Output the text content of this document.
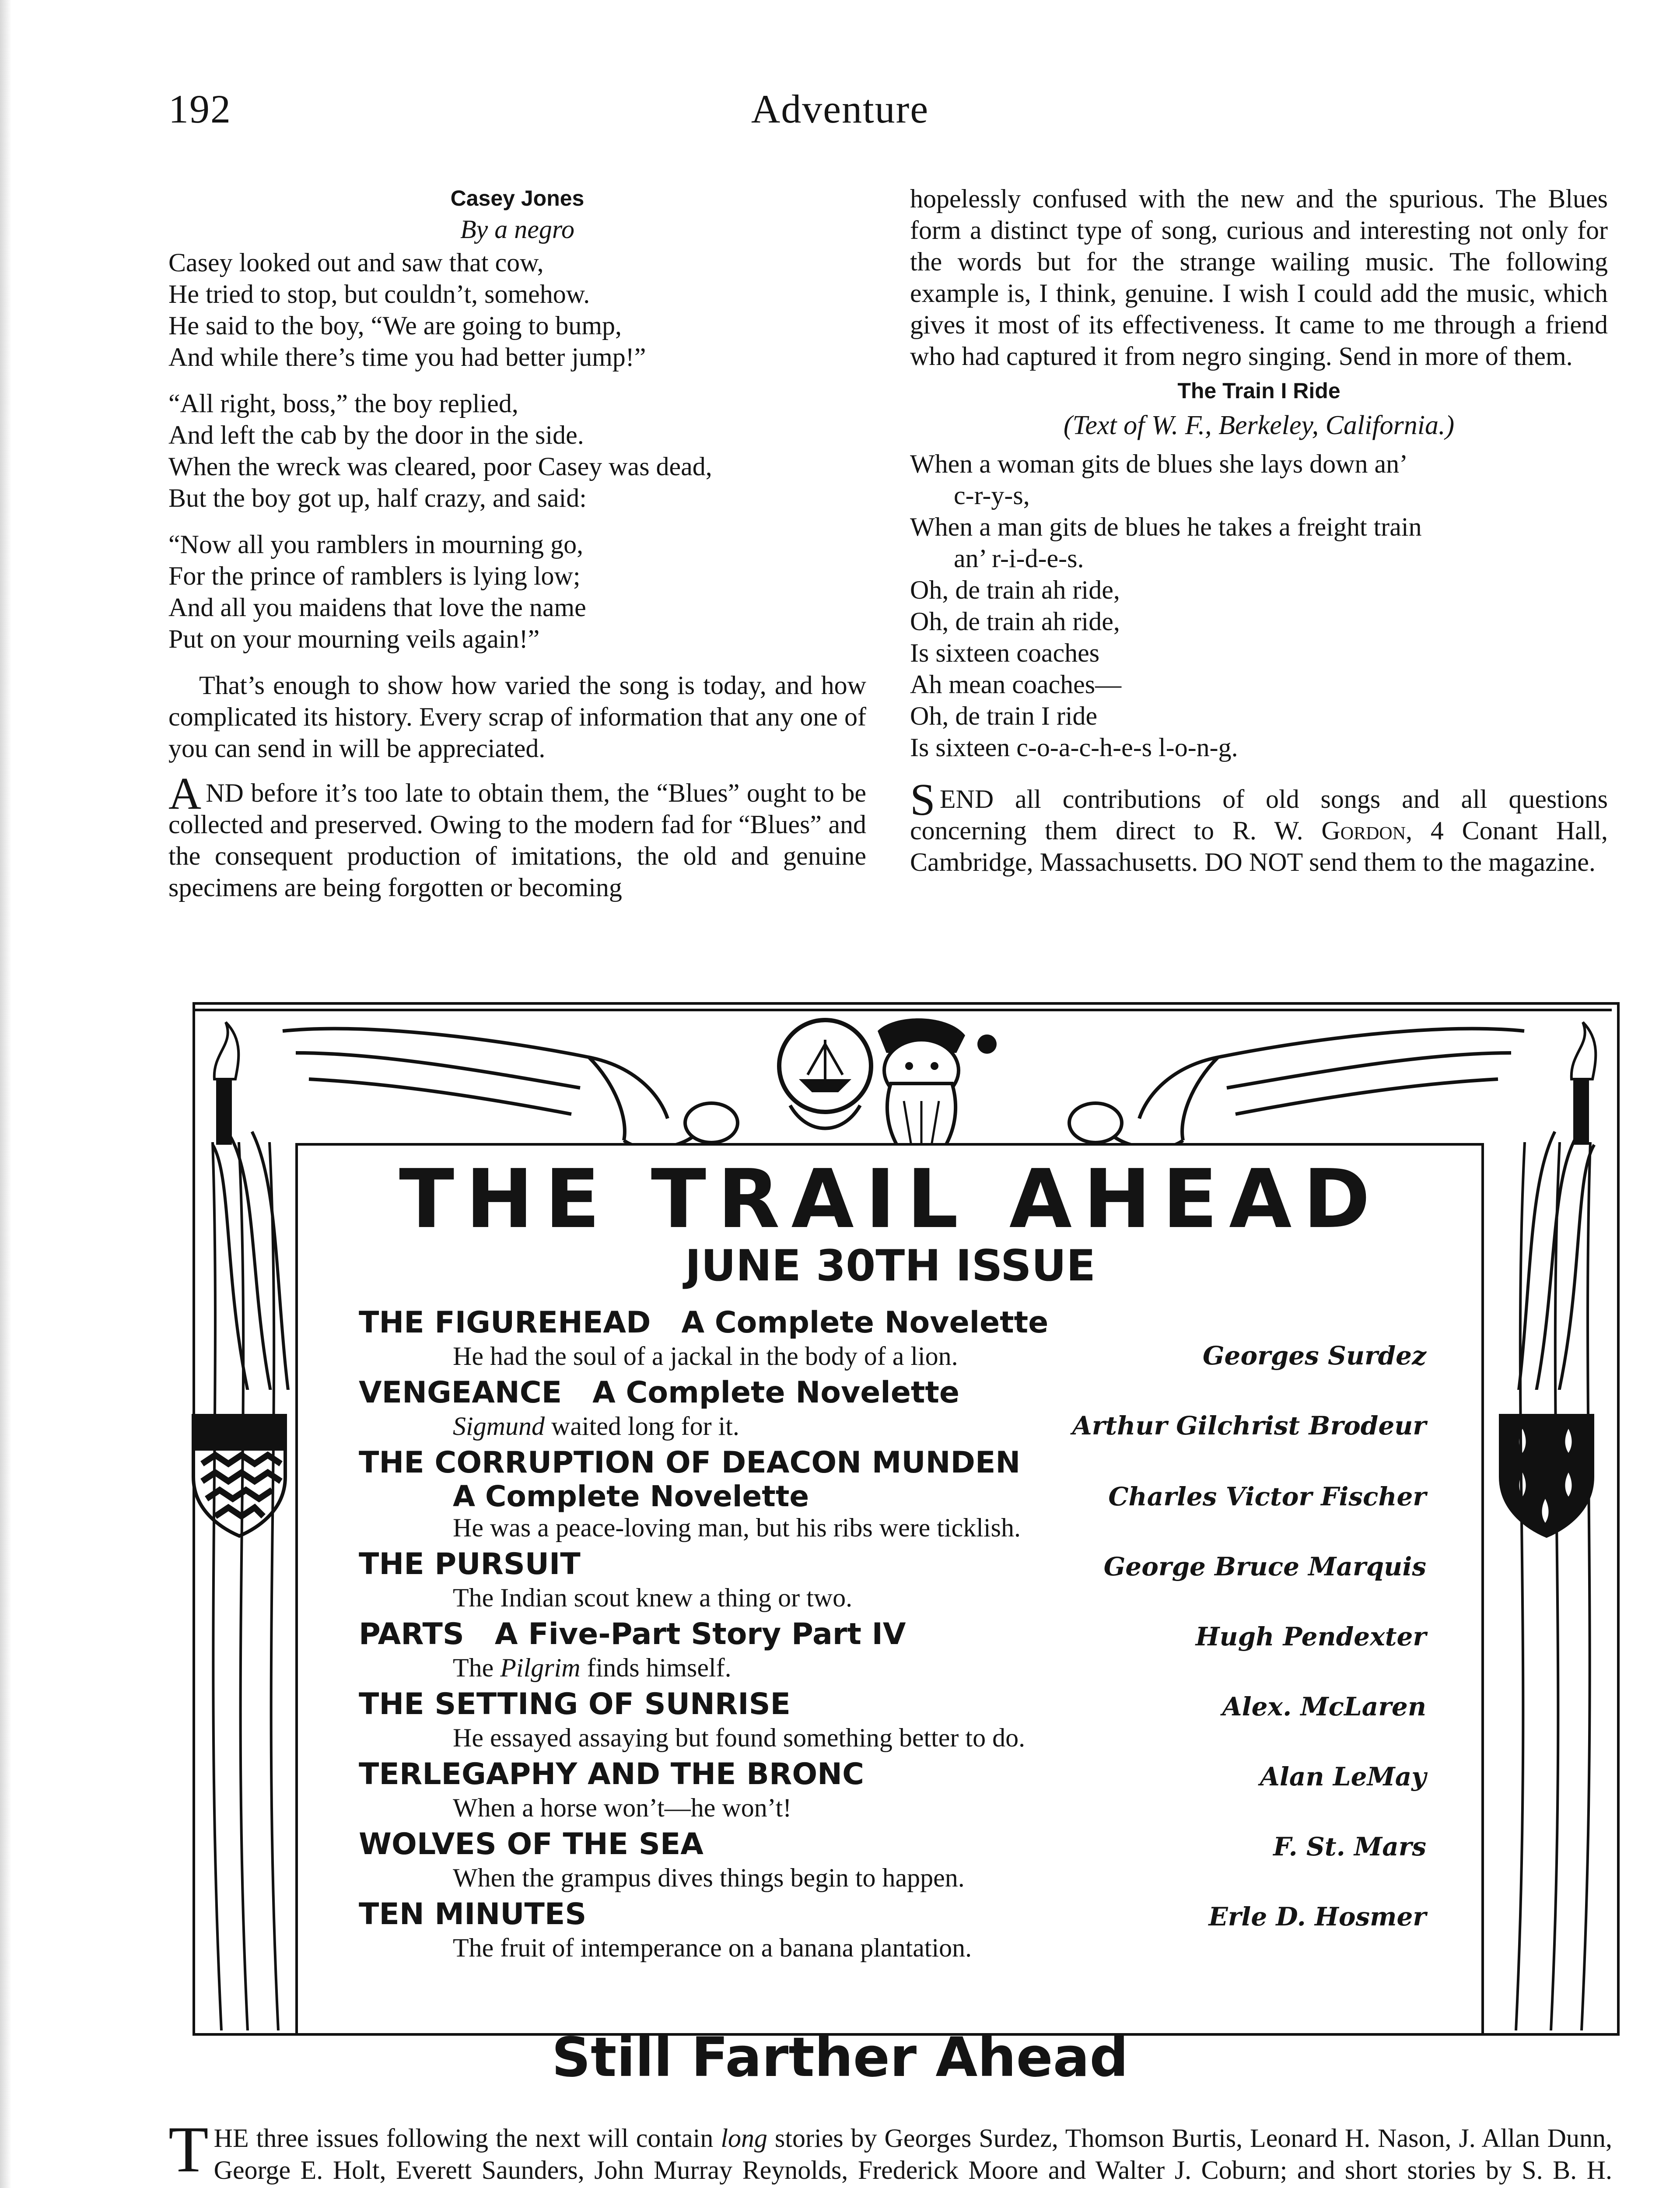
192	Adventure
Casey Jones
By a negro
Casey looked out and saw that cow,
He tried to stop, but couldn’t, somehow.
He said to the boy, “We are going to bump,
And while there’s time you had better jump!”
“All right, boss,” the boy replied,
And left the cab by the door in the side.
When the wreck was cleared, poor Casey was dead,
But the boy got up, half crazy, and said:
“Now all you ramblers in mourning go,
For the prince of ramblers is lying low;
And all you maidens that love the name
Put on your mourning veils again!”

That’s enough to show how varied the song is today, and how complicated its history. Every scrap of information that any one of you can send in will be appreciated.

AND before it’s too late to obtain them, the “Blues” ought to be collected and preserved. Owing to the modern fad for “Blues” and the consequent production of imitations, the old and genuine specimens are being forgotten or becoming

hopelessly confused with the new and the spurious. The Blues form a distinct type of song, curious and interesting not only for the words but for the strange wailing music. The following example is, I think, genuine. I wish I could add the music, which gives it most of its effectiveness. It came to me through a friend who had captured it from negro singing. Send in more of them.

The Train I Ride
(Text of W. F., Berkeley, California.)
When a woman gits de blues she lays down an’
c-r-y-s,
When a man gits de blues he takes a freight train
an’ r-i-d-e-s.
Oh, de train ah ride,
Oh, de train ah ride,
Is sixteen coaches
Ah mean coaches—
Oh, de train I ride
Is sixteen c-o-a-c-h-e-s l-o-n-g.

SEND all contributions of old songs and all questions concerning them direct to R. W. Gordon, 4 Conant Hall, Cambridge, Massachusetts. DO NOT send them to the magazine.

THE TRAIL AHEAD
JUNE 30TH ISSUE
THE FIGUREHEAD A Complete Novelette
He had the soul of a jackal in the body of a lion.	Georges Surdez
VENGEANCE A Complete Novelette
Sigmund waited long for it.	Arthur Gilchrist Brodeur
THE CORRUPTION OF DEACON MUNDEN
A Complete Novelette	Charles Victor Fischer
He was a peace-loving man, but his ribs were ticklish.
THE PURSUIT	George Bruce Marquis
The Indian scout knew a thing or two.
PARTS A Five-Part Story Part IV	Hugh Pendexter
The Pilgrim finds himself.
THE SETTING OF SUNRISE	Alex. McLaren
He essayed assaying but found something better to do.
TERLEGAPHY AND THE BRONC	Alan LeMay
When a horse won’t—he won’t!
WOLVES OF THE SEA	F. St. Mars
When the grampus dives things begin to happen.
TEN MINUTES	Erle D. Hosmer
The fruit of intemperance on a banana plantation.
Still Farther Ahead

THE three issues following the next will contain long stories by Georges Surdez, Thomson Burtis, Leonard H. Nason, J. Allan Dunn, George E. Holt, Everett Saunders, John Murray Reynolds, Frederick Moore and Walter J. Coburn; and short stories by S. B. H.
